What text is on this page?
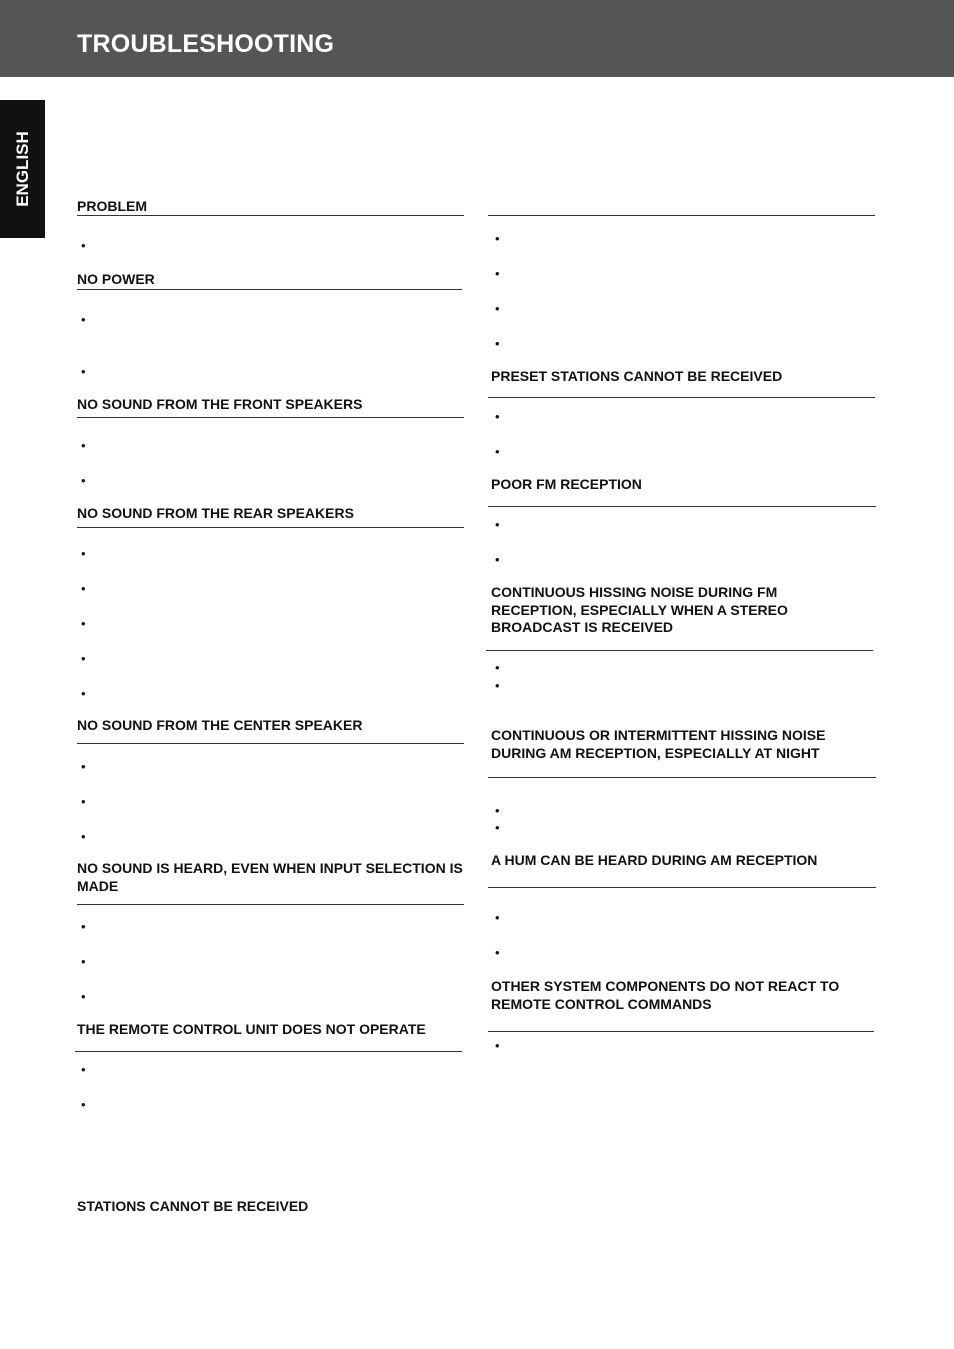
TROUBLESHOOTING
ENGLISH	PROBLEM
•
NO POWER
•
•
NO SOUND FROM THE FRONT SPEAKERS
•
•
NO SOUND FROM THE REAR SPEAKERS
•
•
•
•
•
NO SOUND FROM THE CENTER SPEAKER
•
•
•
NO SOUND IS HEARD, EVEN WHEN INPUT SELECTION IS MADE
•
•
•
THE REMOTE CONTROL UNIT DOES NOT OPERATE
•
•
STATIONS CANNOT BE RECEIVED
•
•
•
•
PRESET STATIONS CANNOT BE RECEIVED
•
•
POOR FM RECEPTION
•
•
CONTINUOUS HISSING NOISE DURING FM RECEPTION, ESPECIALLY WHEN A STEREO BROADCAST IS RECEIVED
•
•
CONTINUOUS OR INTERMITTENT HISSING NOISE DURING AM RECEPTION, ESPECIALLY AT NIGHT
•
•
A HUM CAN BE HEARD DURING AM RECEPTION
•
•
OTHER SYSTEM COMPONENTS DO NOT REACT TO REMOTE CONTROL COMMANDS
•
